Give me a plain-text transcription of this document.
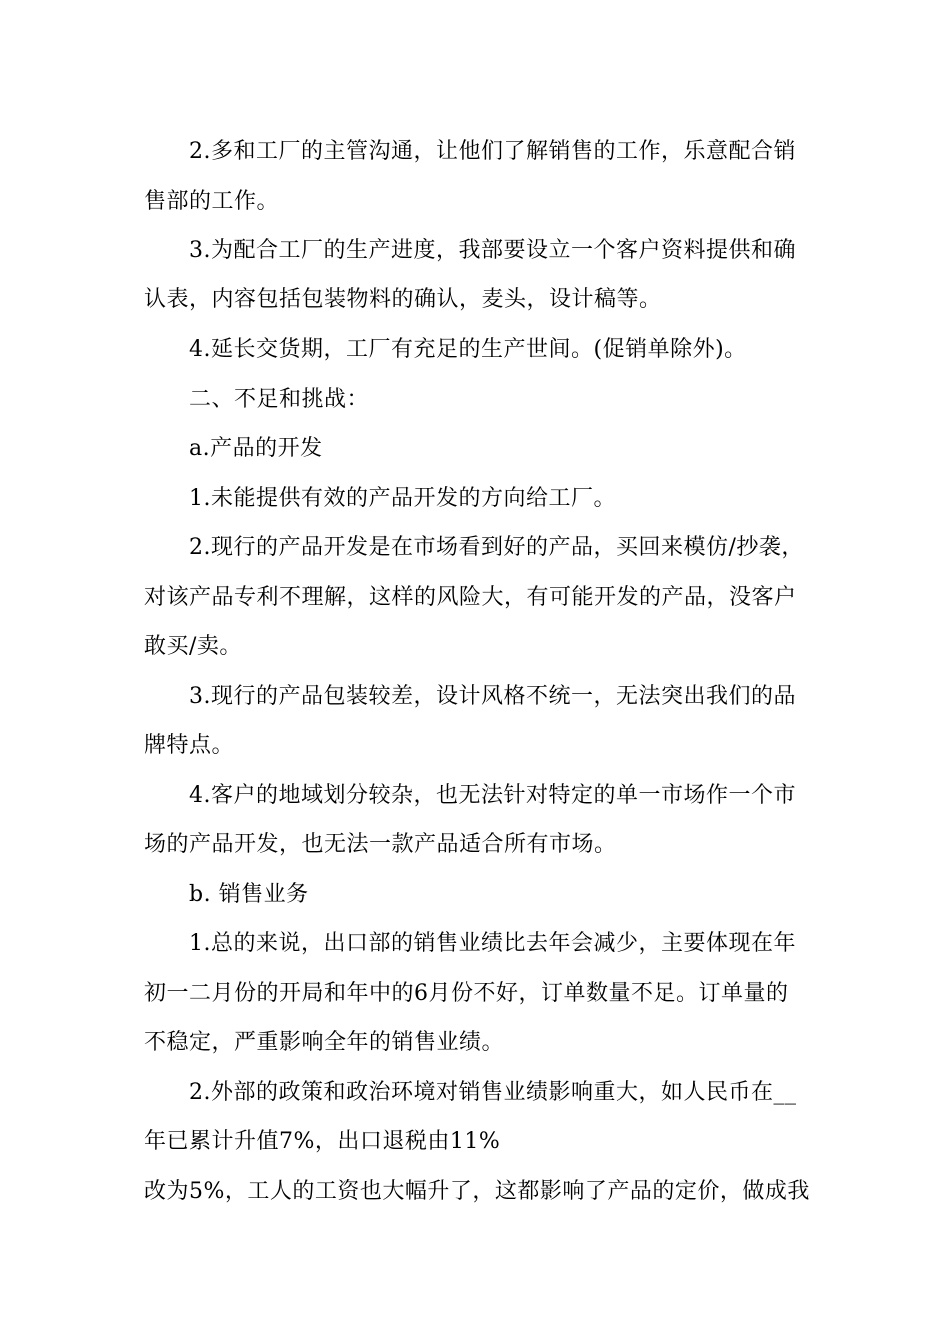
2.多和工厂的主管沟通，让他们了解销售的工作，乐意配合销
售部的工作。
3.为配合工厂的生产进度，我部要设立一个客户资料提供和确
认表，内容包括包装物料的确认，麦头，设计稿等。
4.延长交货期，工厂有充足的生产世间。(促销单除外)。
二、不足和挑战：
a.产品的开发
1.未能提供有效的产品开发的方向给工厂。
2.现行的产品开发是在市场看到好的产品，买回来模仿/抄袭，
对该产品专利不理解，这样的风险大，有可能开发的产品，没客户
敢买/卖。
3.现行的产品包装较差，设计风格不统一，无法突出我们的品
牌特点。
4.客户的地域划分较杂，也无法针对特定的单一市场作一个市
场的产品开发，也无法一款产品适合所有市场。
b. 销售业务
1.总的来说，出口部的销售业绩比去年会减少，主要体现在年
初一二月份的开局和年中的6月份不好，订单数量不足。订单量的
不稳定，严重影响全年的销售业绩。
2.外部的政策和政治环境对销售业绩影响重大，如人民币在__
年已累计升值7%，出口退税由11%
改为5%，工人的工资也大幅升了，这都影响了产品的定价，做成我
